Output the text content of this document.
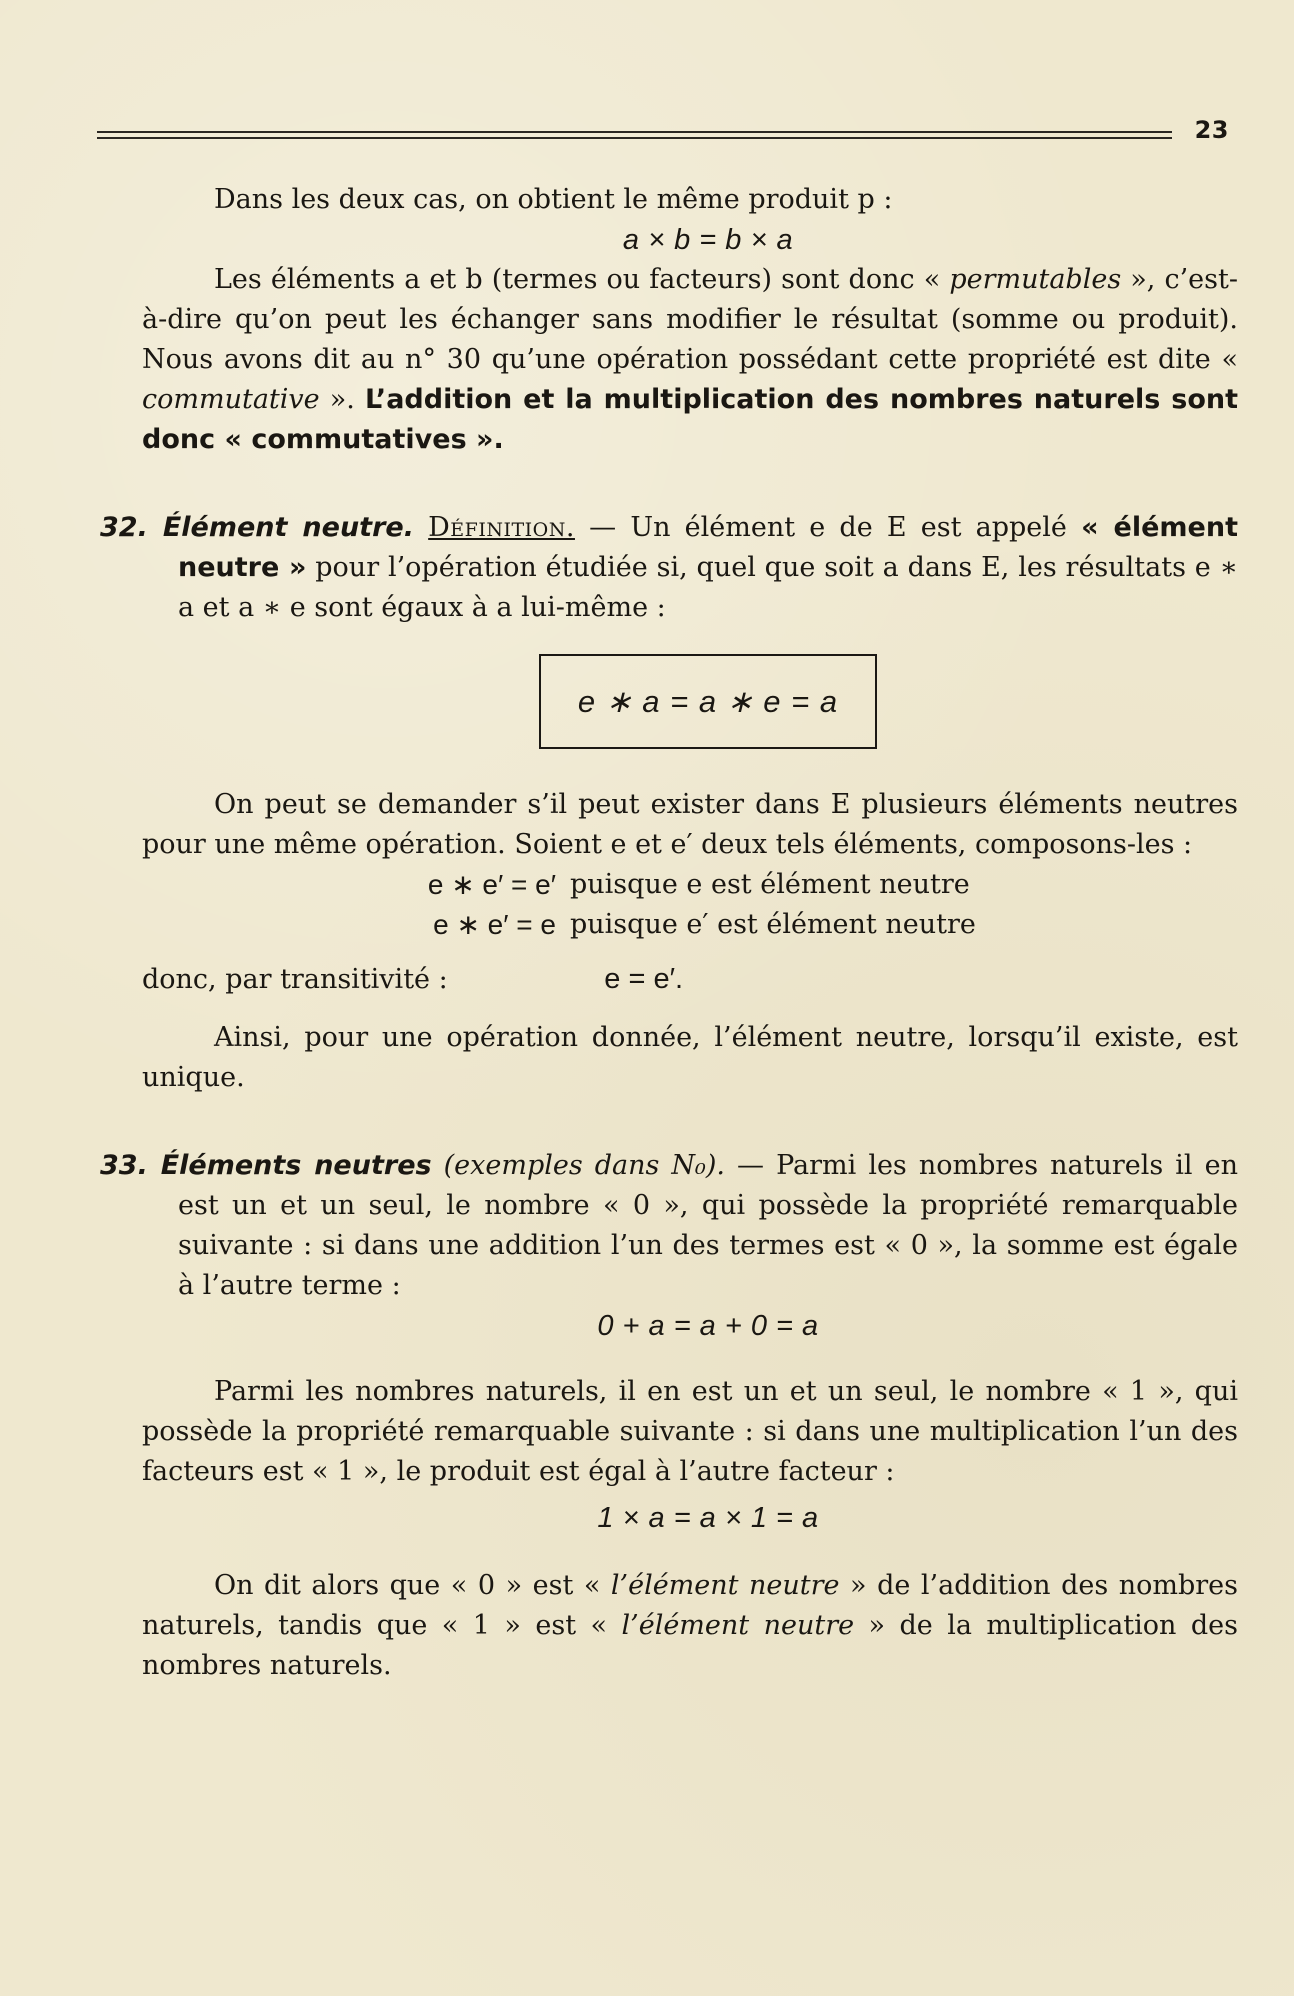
23

Dans les deux cas, on obtient le même produit p :

a × b = b × a

Les éléments a et b (termes ou facteurs) sont donc « permutables », c’est-à-dire qu’on peut les échanger sans modifier le résultat (somme ou produit). Nous avons dit au n° 30 qu’une opération possédant cette propriété est dite « commutative ». L’addition et la multiplication des nombres naturels sont donc « commutatives ».

32. Élément neutre. Définition. — Un élément e de E est appelé « élément neutre » pour l’opération étudiée si, quel que soit a dans E, les résultats e ∗ a et a ∗ e sont égaux à a lui-même :

e ∗ a = a ∗ e = a

On peut se demander s’il peut exister dans E plusieurs éléments neutres pour une même opération. Soient e et e′ deux tels éléments, composons-les :

e ∗ e′ = e′ puisque e est élément neutre
e ∗ e′ = e puisque e′ est élément neutre

donc, par transitivité :	e = e′.

Ainsi, pour une opération donnée, l’élément neutre, lorsqu’il existe, est unique.

33. Éléments neutres (exemples dans N₀). — Parmi les nombres naturels il en est un et un seul, le nombre « 0 », qui possède la propriété remarquable suivante : si dans une addition l’un des termes est « 0 », la somme est égale à l’autre terme :

0 + a = a + 0 = a

Parmi les nombres naturels, il en est un et un seul, le nombre « 1 », qui possède la propriété remarquable suivante : si dans une multiplication l’un des facteurs est « 1 », le produit est égal à l’autre facteur :

1 × a = a × 1 = a

On dit alors que « 0 » est « l’élément neutre » de l’addition des nombres naturels, tandis que « 1 » est « l’élément neutre » de la multiplication des nombres naturels.
